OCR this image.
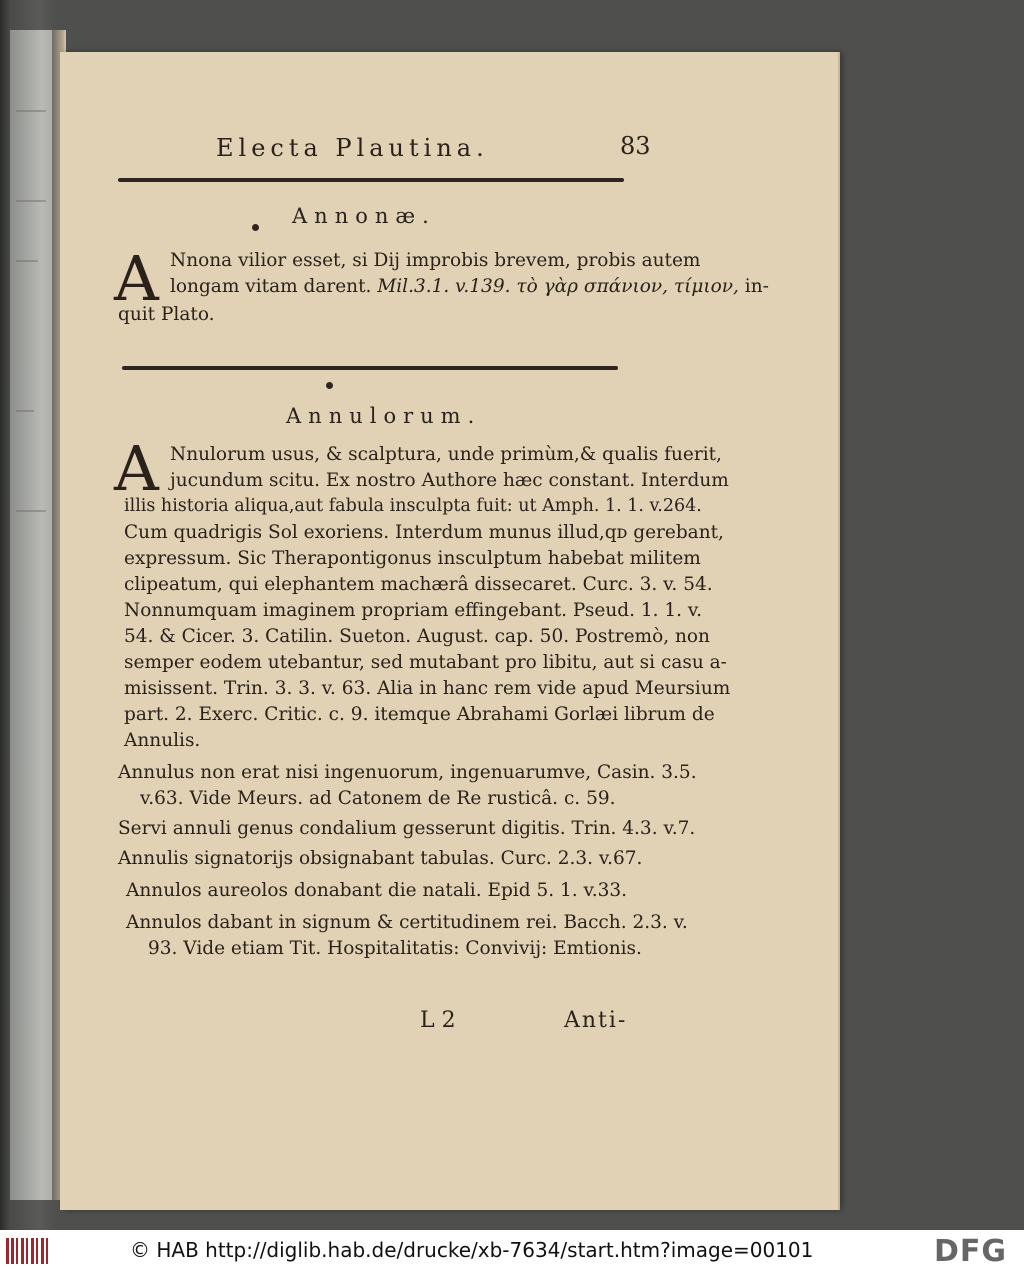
Electa Plautina.	83
Annonæ.
A Nnona vilior esset, si Dij improbis brevem, probis autem
longam vitam darent. Mil.3.1. v.139. τὸ γὰρ σπάνιον, τίμιον, in-
quit Plato.
Annulorum.
A Nnulorum usus, & scalptura, unde primùm,& qualis fuerit,
jucundum scitu. Ex nostro Authore hæc constant. Interdum
illis historia aliqua,aut fabula insculpta fuit: ut Amph. 1. 1. v.264.
Cum quadrigis Sol exoriens. Interdum munus illud,qᴅ gerebant,
expressum. Sic Therapontigonus insculptum habebat militem
clipeatum, qui elephantem machærâ dissecaret. Curc. 3. v. 54.
Nonnumquam imaginem propriam effingebant. Pseud. 1. 1. v.
54. & Cicer. 3. Catilin. Sueton. August. cap. 50. Postremò, non
semper eodem utebantur, sed mutabant pro libitu, aut si casu a-
misissent. Trin. 3. 3. v. 63. Alia in hanc rem vide apud Meursium
part. 2. Exerc. Critic. c. 9. itemque Abrahami Gorlæi librum de
Annulis.
Annulus non erat nisi ingenuorum, ingenuarumve, Casin. 3.5.
v.63. Vide Meurs. ad Catonem de Re rusticâ. c. 59.
Servi annuli genus condalium gesserunt digitis. Trin. 4.3. v.7.
Annulis signatorijs obsignabant tabulas. Curc. 2.3. v.67.
Annulos aureolos donabant die natali. Epid 5. 1. v.33.
Annulos dabant in signum & certitudinem rei. Bacch. 2.3. v.
93. Vide etiam Tit. Hospitalitatis: Convivij: Emtionis.
L 2	Anti-
© HAB http://diglib.hab.de/drucke/xb-7634/start.htm?image=00101	DFG
